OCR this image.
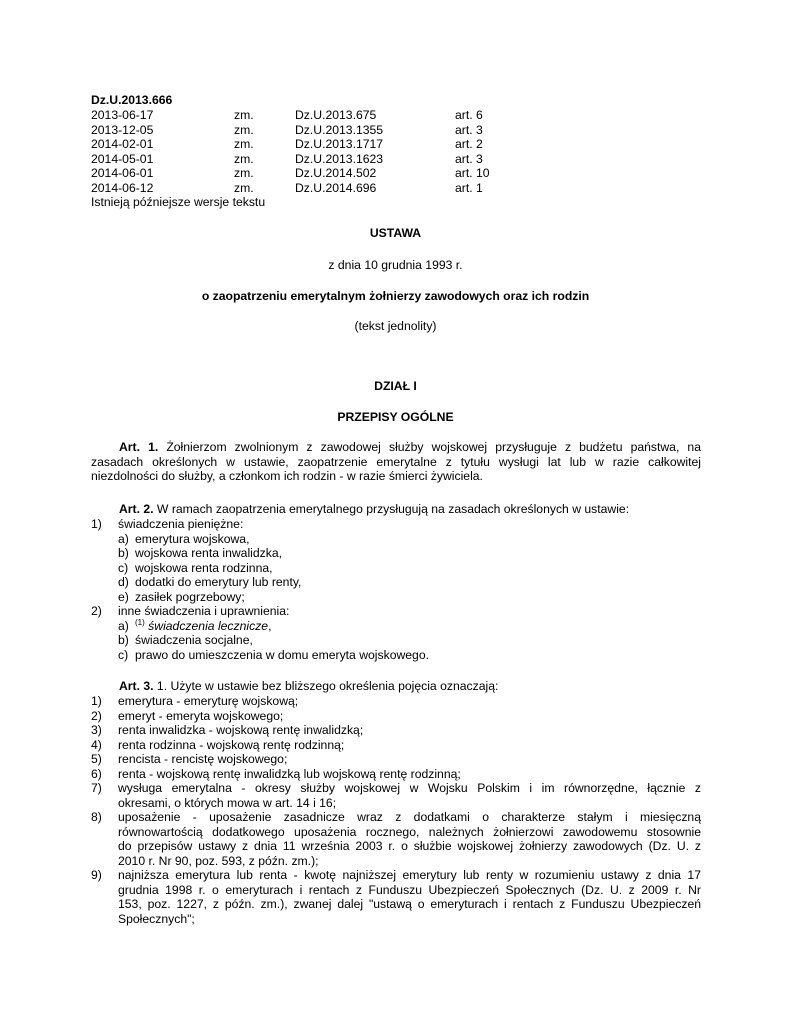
Dz.U.2013.666
2013-06-17	zm.	Dz.U.2013.675	art. 6
2013-12-05	zm.	Dz.U.2013.1355	art. 3
2014-02-01	zm.	Dz.U.2013.1717	art. 2
2014-05-01	zm.	Dz.U.2013.1623	art. 3
2014-06-01	zm.	Dz.U.2014.502	art. 10
2014-06-12	zm.	Dz.U.2014.696	art. 1
Istnieją późniejsze wersje tekstu
USTAWA
z dnia 10 grudnia 1993 r.
o zaopatrzeniu emerytalnym żołnierzy zawodowych oraz ich rodzin
(tekst jednolity)
DZIAŁ I
PRZEPISY OGÓLNE
Art. 1. Żołnierzom zwolnionym z zawodowej służby wojskowej przysługuje z budżetu państwa, na
zasadach określonych w ustawie, zaopatrzenie emerytalne z tytułu wysługi lat lub w razie całkowitej
niezdolności do służby, a członkom ich rodzin - w razie śmierci żywiciela.
Art. 2. W ramach zaopatrzenia emerytalnego przysługują na zasadach określonych w ustawie:
1) świadczenia pieniężne:
a) emerytura wojskowa,
b) wojskowa renta inwalidzka,
c) wojskowa renta rodzinna,
d) dodatki do emerytury lub renty,
e) zasiłek pogrzebowy;
2) inne świadczenia i uprawnienia:
a) $^{(1)}$ świadczenia lecznicze,
b) świadczenia socjalne,
c) prawo do umieszczenia w domu emeryta wojskowego.
Art. 3. 1. Użyte w ustawie bez bliższego określenia pojęcia oznaczają:
1) emerytura - emeryturę wojskową;
2) emeryt - emeryta wojskowego;
3) renta inwalidzka - wojskową rentę inwalidzką;
4) renta rodzinna - wojskową rentę rodzinną;
5) rencista - rencistę wojskowego;
6) renta - wojskową rentę inwalidzką lub wojskową rentę rodzinną;
7) wysługa emerytalna - okresy służby wojskowej w Wojsku Polskim i im równorzędne, łącznie z
okresami, o których mowa w art. 14 i 16;
8) uposażenie - uposażenie zasadnicze wraz z dodatkami o charakterze stałym i miesięczną
równowartością dodatkowego uposażenia rocznego, należnych żołnierzowi zawodowemu stosownie
do przepisów ustawy z dnia 11 września 2003 r. o służbie wojskowej żołnierzy zawodowych (Dz. U. z
2010 r. Nr 90, poz. 593, z późn. zm.);
9) najniższa emerytura lub renta - kwotę najniższej emerytury lub renty w rozumieniu ustawy z dnia 17
grudnia 1998 r. o emeryturach i rentach z Funduszu Ubezpieczeń Społecznych (Dz. U. z 2009 r. Nr
153, poz. 1227, z późn. zm.), zwanej dalej "ustawą o emeryturach i rentach z Funduszu Ubezpieczeń
Społecznych";
